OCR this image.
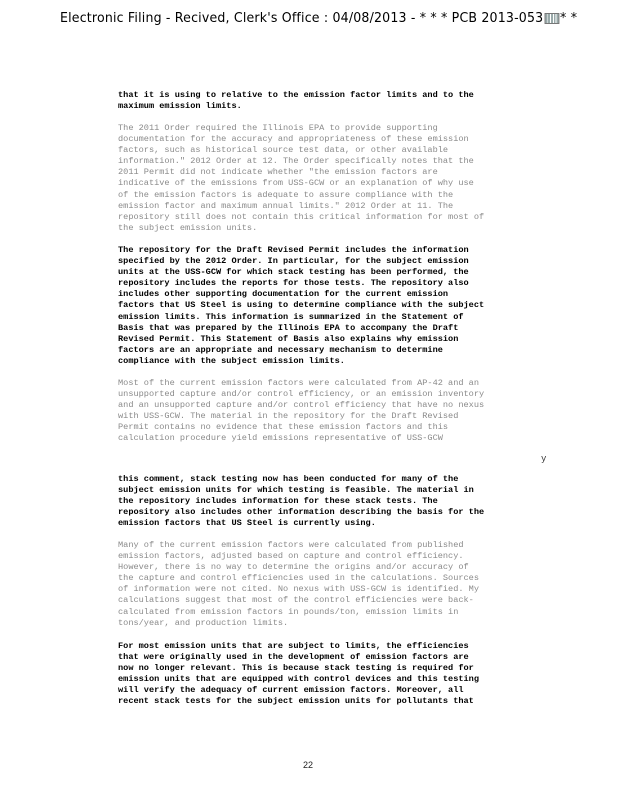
Electronic Filing - Recived, Clerk's Office : 04/08/2013 - * * * PCB 2013-053 * *

that it is using to relative to the emission factor limits and to the
maximum emission limits.

The 2011 Order required the Illinois EPA to provide supporting
documentation for the accuracy and appropriateness of these emission
factors, such as historical source test data, or other available
information." 2012 Order at 12. The Order specifically notes that the
2011 Permit did not indicate whether "the emission factors are
indicative of the emissions from USS-GCW or an explanation of why use
of the emission factors is adequate to assure compliance with the
emission factor and maximum annual limits." 2012 Order at 11. The
repository still does not contain this critical information for most of
the subject emission units.

The repository for the Draft Revised Permit includes the information
specified by the 2012 Order. In particular, for the subject emission
units at the USS-GCW for which stack testing has been performed, the
repository includes the reports for those tests. The repository also
includes other supporting documentation for the current emission
factors that US Steel is using to determine compliance with the subject
emission limits. This information is summarized in the Statement of
Basis that was prepared by the Illinois EPA to accompany the Draft
Revised Permit. This Statement of Basis also explains why emission
factors are an appropriate and necessary mechanism to determine
compliance with the subject emission limits.

Most of the current emission factors were calculated from AP-42 and an
unsupported capture and/or control efficiency, or an emission inventory
and an unsupported capture and/or control efficiency that have no nexus
with USS-GCW. The material in the repository for the Draft Revised
Permit contains no evidence that these emission factors and this
calculation procedure yield emissions representative of USS-GCW

y

this comment, stack testing now has been conducted for many of the
subject emission units for which testing is feasible. The material in
the repository includes information for these stack tests. The
repository also includes other information describing the basis for the
emission factors that US Steel is currently using.

Many of the current emission factors were calculated from published
emission factors, adjusted based on capture and control efficiency.
However, there is no way to determine the origins and/or accuracy of
the capture and control efficiencies used in the calculations. Sources
of information were not cited. No nexus with USS-GCW is identified. My
calculations suggest that most of the control efficiencies were back-
calculated from emission factors in pounds/ton, emission limits in
tons/year, and production limits.

For most emission units that are subject to limits, the efficiencies
that were originally used in the development of emission factors are
now no longer relevant. This is because stack testing is required for
emission units that are equipped with control devices and this testing
will verify the adequacy of current emission factors. Moreover, all
recent stack tests for the subject emission units for pollutants that

22
